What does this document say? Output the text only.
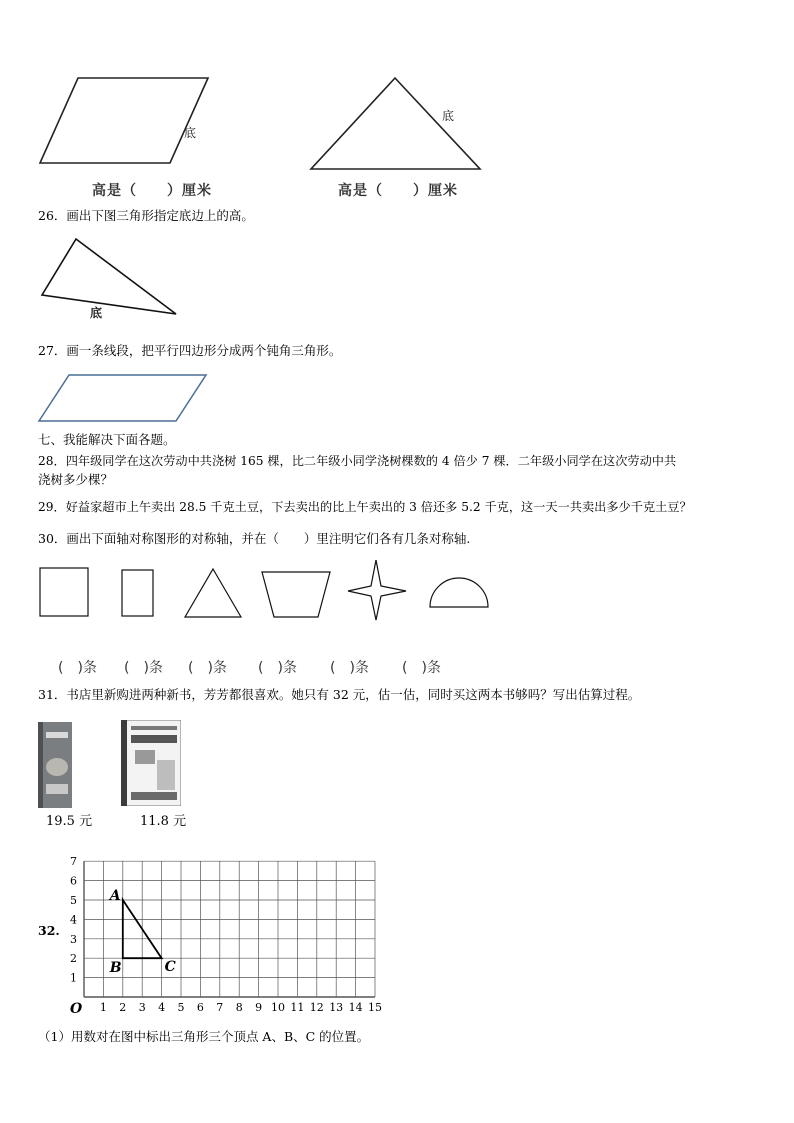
底
底
高是（　　）厘米	高是（　　）厘米
26．画出下图三角形指定底边上的高。
底
27．画一条线段，把平行四边形分成两个钝角三角形。
七、我能解决下面各题。
28．四年级同学在这次劳动中共浇树 165 棵，比二年级小同学浇树棵数的 4 倍少 7 棵．二年级小同学在这次劳动中共
浇树多少棵？
29．好益家超市上午卖出 28.5 千克土豆，下去卖出的比上午卖出的 3 倍还多 5.2 千克，这一天一共卖出多少千克土豆？
30．画出下面轴对称图形的对称轴，并在（　　）里注明它们各有几条对称轴.
(　)条 (　)条 (　)条 (　)条 (　)条 (　)条
31．书店里新购进两种新书，芳芳都很喜欢。她只有 32 元，估一估，同时买这两本书够吗？写出估算过程。
19.5 元	11.8 元
32.
1 2 3 4 5 6 7 8 9 10 11 12 13 14 15
1
2
3
4
5
6
7
O
A
B	C
（1）用数对在图中标出三角形三个顶点 A、B、C 的位置。
